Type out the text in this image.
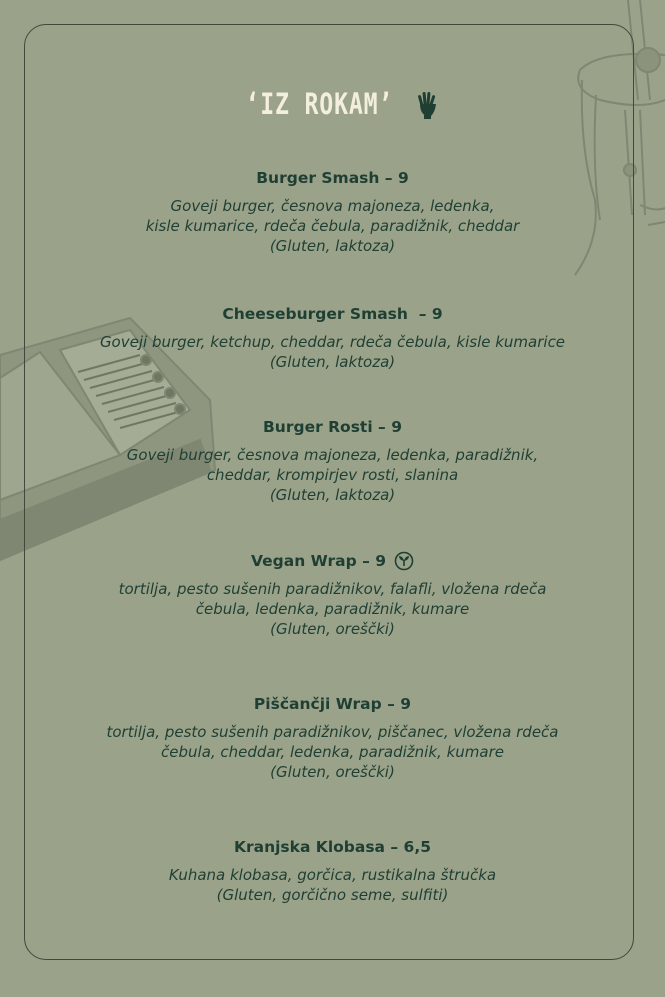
‘IZ ROKAM’
Burger Smash – 9
Goveji burger, česnova majoneza, ledenka,
kisle kumarice, rdeča čebula, paradižnik, cheddar
(Gluten, laktoza)
Cheeseburger Smash  – 9
Goveji burger, ketchup, cheddar, rdeča čebula, kisle kumarice
(Gluten, laktoza)
Burger Rosti – 9
Goveji burger, česnova majoneza, ledenka, paradižnik,
cheddar, krompirjev rosti, slanina
(Gluten, laktoza)
Vegan Wrap – 9
tortilja, pesto sušenih paradižnikov, falafli, vložena rdeča
čebula, ledenka, paradižnik, kumare
(Gluten, oreščki)
Piščančji Wrap – 9
tortilja, pesto sušenih paradižnikov, piščanec, vložena rdeča
čebula, cheddar, ledenka, paradižnik, kumare
(Gluten, oreščki)
Kranjska Klobasa – 6,5
Kuhana klobasa, gorčica, rustikalna štručka
(Gluten, gorčično seme, sulfiti)
